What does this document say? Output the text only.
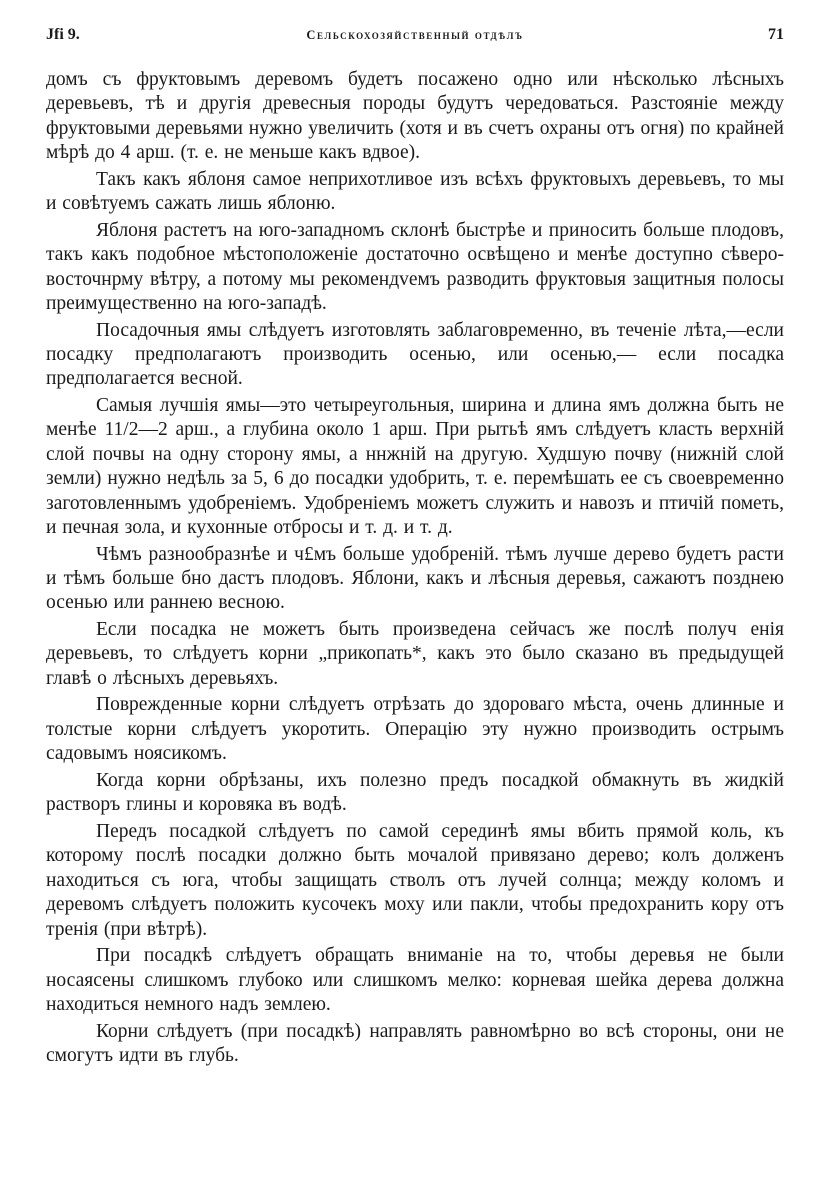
Jfi 9.	Сельскохозяйственный отдѣлъ	71

домъ съ фруктовымъ деревомъ будетъ посажено одно или нѣсколько лѣсныхъ деревьевъ, тѣ и другія древесныя породы будутъ чередоваться. Разстояніе между фруктовыми деревьями нужно увеличить (хотя и въ счетъ охраны отъ огня) по крайней мѣрѣ до 4 арш. (т. е. не меньше какъ вдвое).

Такъ какъ яблоня самое неприхотливое изъ всѣхъ фруктовыхъ деревьевъ, то мы и совѣтуемъ сажать лишь яблоню.

Яблоня растетъ на юго-западномъ склонѣ быстрѣе и приносить больше плодовъ, такъ какъ подобное мѣстоположеніе достаточно освѣщено и менѣе доступно сѣверо-восточнрму вѣтру, а потому мы рекомендvемъ разводить фруктовыя защитныя полосы преимущественно на юго-западѣ.

Посадочныя ямы слѣдуетъ изготовлять заблаговременно, въ теченіе лѣта,—если посадку предполагаютъ производить осенью, или осенью,— если посадка предполагается весной.

Самыя лучшія ямы—это четыреугольныя, ширина и длина ямъ должна быть не менѣе 11/2—2 арш., а глубина около 1 арш. При рытьѣ ямъ слѣдуетъ класть верхній слой почвы на одну сторону ямы, а ннжній на другую. Худшую почву (нижній слой земли) нужно недѣль за 5, 6 до посадки удобрить, т. е. перемѣшать ее съ своевременно заготовленнымъ удобреніемъ. Удобреніемъ можетъ служить и навозъ и птичій пометь, и печная зола, и кухонные отбросы и т. д. и т. д.

Чѣмъ разнообразнѣе и ч£мъ больше удобреній. тѣмъ лучше дерево будетъ расти и тѣмъ больше бно дастъ плодовъ. Яблони, какъ и лѣсныя деревья, сажаютъ позднею осенью или раннею весною.

Если посадка не можетъ быть произведена сейчасъ же послѣ получ енія деревьевъ, то слѣдуетъ корни „прикопать*, какъ это было сказано въ предыдущей главѣ о лѣсныхъ деревьяхъ.

Поврежденные корни слѣдуетъ отрѣзать до здороваго мѣста, очень длинные и толстые корни слѣдуетъ укоротить. Операцію эту нужно производить острымъ садовымъ ноясикомъ.

Когда корни обрѣзаны, ихъ полезно предъ посадкой обмакнуть въ жидкій растворъ глины и коровяка въ водѣ.

Передъ посадкой слѣдуетъ по самой серединѣ ямы вбить прямой коль, къ которому послѣ посадки должно быть мочалой привязано дерево; колъ долженъ находиться съ юга, чтобы защищать стволъ отъ лучей солнца; между коломъ и деревомъ слѣдуетъ положить кусочекъ моху или пакли, чтобы предохранить кору отъ тренія (при вѣтрѣ).

При посадкѣ слѣдуетъ обращать вниманіе на то, чтобы деревья не были носаясены слишкомъ глубоко или слишкомъ мелко: корневая шейка дерева должна находиться немного надъ землею.

Корни слѣдуетъ (при посадкѣ) направлять равномѣрно во всѣ стороны, они не смогутъ идти въ глубь.
